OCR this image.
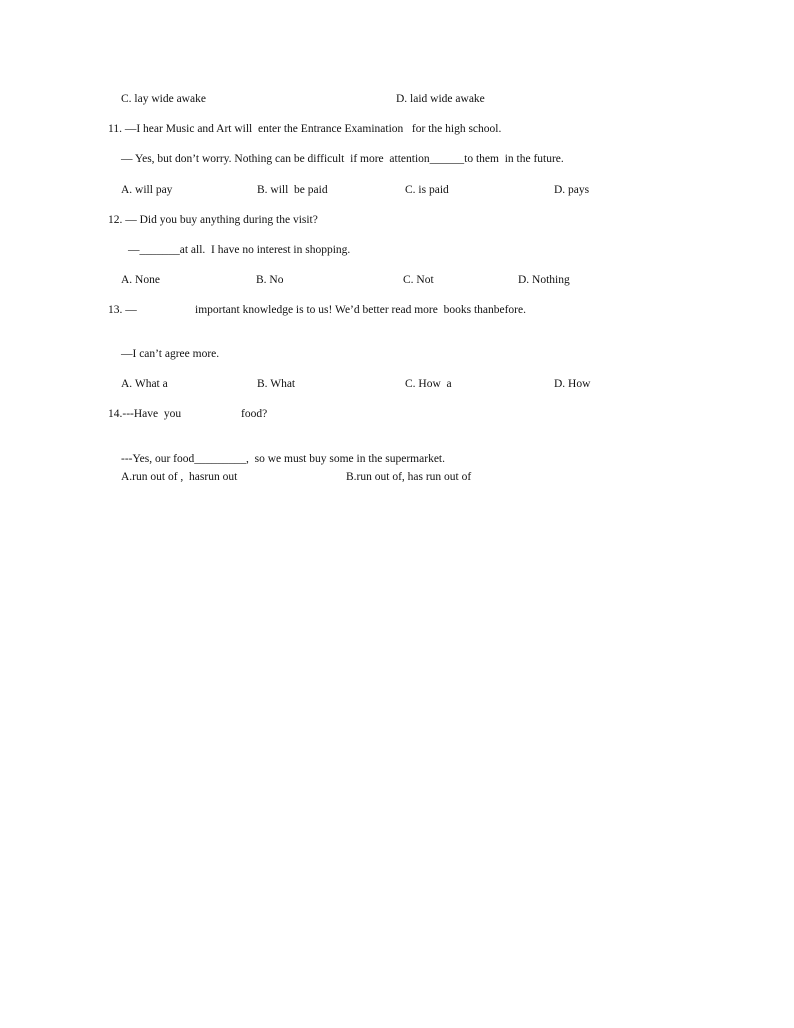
C. lay wide awake	D. laid wide awake
11. —I hear Music and Art will  enter the Entrance Examination   for the high school.
— Yes, but don’t worry. Nothing can be difficult  if more  attention______to them  in the future.
A. will pay	B. will  be paid	C. is paid	D. pays
12. — Did you buy anything during the visit?
—_______at all.  I have no interest in shopping.
A. None	B. No	C. Not	D. Nothing
13. —	important knowledge is to us! We’d better read more  books thanbefore.
—I can’t agree more.
A. What a	B. What	C. How  a	D. How
14.---Have  you	food?
---Yes, our food_________,  so we must buy some in the supermarket.
A.run out of ,  hasrun out	B.run out of, has run out of
